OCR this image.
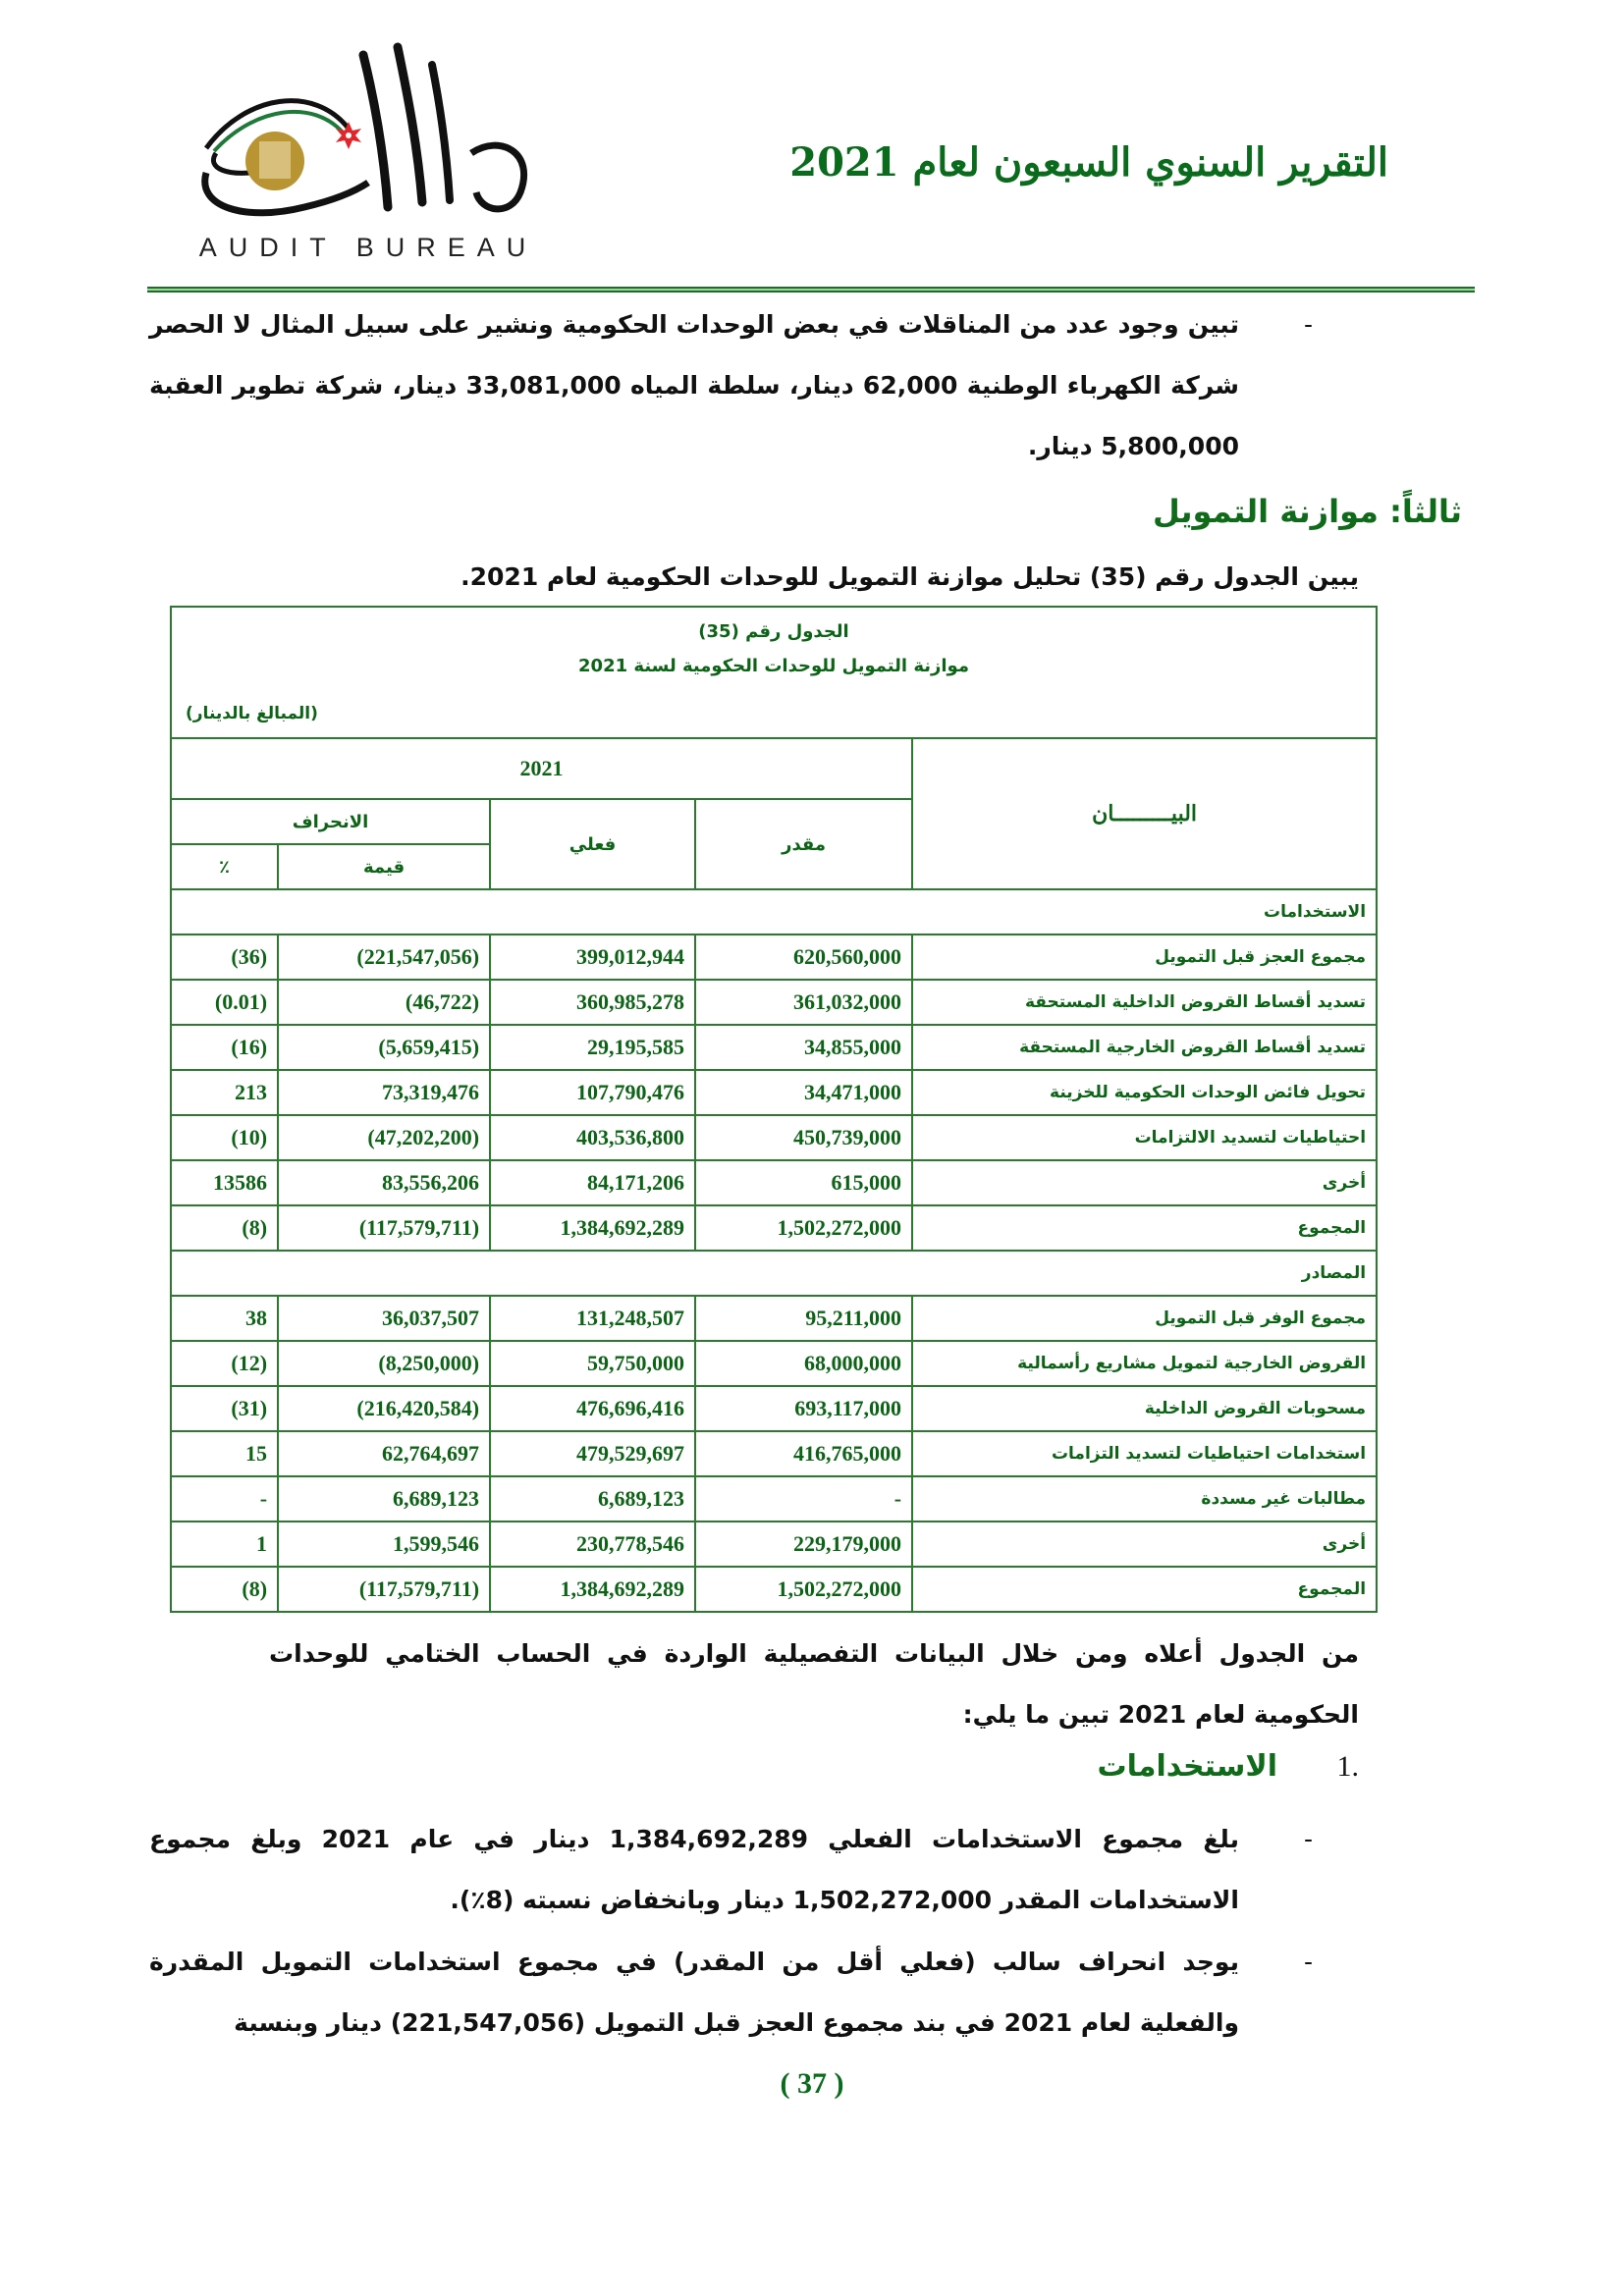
AUDIT BUREAU
التقرير السنوي السبعون لعام 2021
-
تبين وجود عدد من المناقلات في بعض الوحدات الحكومية ونشير على سبيل المثال لا الحصر شركة الكهرباء الوطنية 62,000 دينار، سلطة المياه 33,081,000 دينار، شركة تطوير العقبة 5,800,000 دينار.
ثالثاً: موازنة التمويل
يبين الجدول رقم (35) تحليل موازنة التمويل للوحدات الحكومية لعام 2021.
الجدول رقم (35)
موازنة التمويل للوحدات الحكومية لسنة 2021
(المبالغ بالدينار)				

البيـــــــــان	2021			
	مقدر	فعلي	الانحراف	
			قيمة	٪
الاستخدامات				
مجموع العجز قبل التمويل	620,560,000	399,012,944	(221,547,056)	(36)
تسديد أقساط القروض الداخلية المستحقة	361,032,000	360,985,278	(46,722)	(0.01)
تسديد أقساط القروض الخارجية المستحقة	34,855,000	29,195,585	(5,659,415)	(16)
تحويل فائض الوحدات الحكومية للخزينة	34,471,000	107,790,476	73,319,476	213
احتياطيات لتسديد الالتزامات	450,739,000	403,536,800	(47,202,200)	(10)
أخرى	615,000	84,171,206	83,556,206	13586
المجموع	1,502,272,000	1,384,692,289	(117,579,711)	(8)
المصادر				
مجموع الوفر قبل التمويل	95,211,000	131,248,507	36,037,507	38
القروض الخارجية لتمويل مشاريع رأسمالية	68,000,000	59,750,000	(8,250,000)	(12)
مسحوبات القروض الداخلية	693,117,000	476,696,416	(216,420,584)	(31)
استخدامات احتياطيات لتسديد التزامات	416,765,000	479,529,697	62,764,697	15
مطالبات غير مسددة	-	6,689,123	6,689,123	-
أخرى	229,179,000	230,778,546	1,599,546	1
المجموع	1,502,272,000	1,384,692,289	(117,579,711)	(8)
من الجدول أعلاه ومن خلال البيانات التفصيلية الواردة في الحساب الختامي للوحدات الحكومية لعام 2021 تبين ما يلي:
.1 الاستخدامات
-
بلغ مجموع الاستخدامات الفعلي 1,384,692,289 دينار في عام 2021 وبلغ مجموع الاستخدامات المقدر 1,502,272,000 دينار وبانخفاض نسبته (8٪).
-
يوجد انحراف سالب (فعلي أقل من المقدر) في مجموع استخدامات التمويل المقدرة والفعلية لعام 2021 في بند مجموع العجز قبل التمويل (221,547,056) دينار وبنسبة
( 37 )
